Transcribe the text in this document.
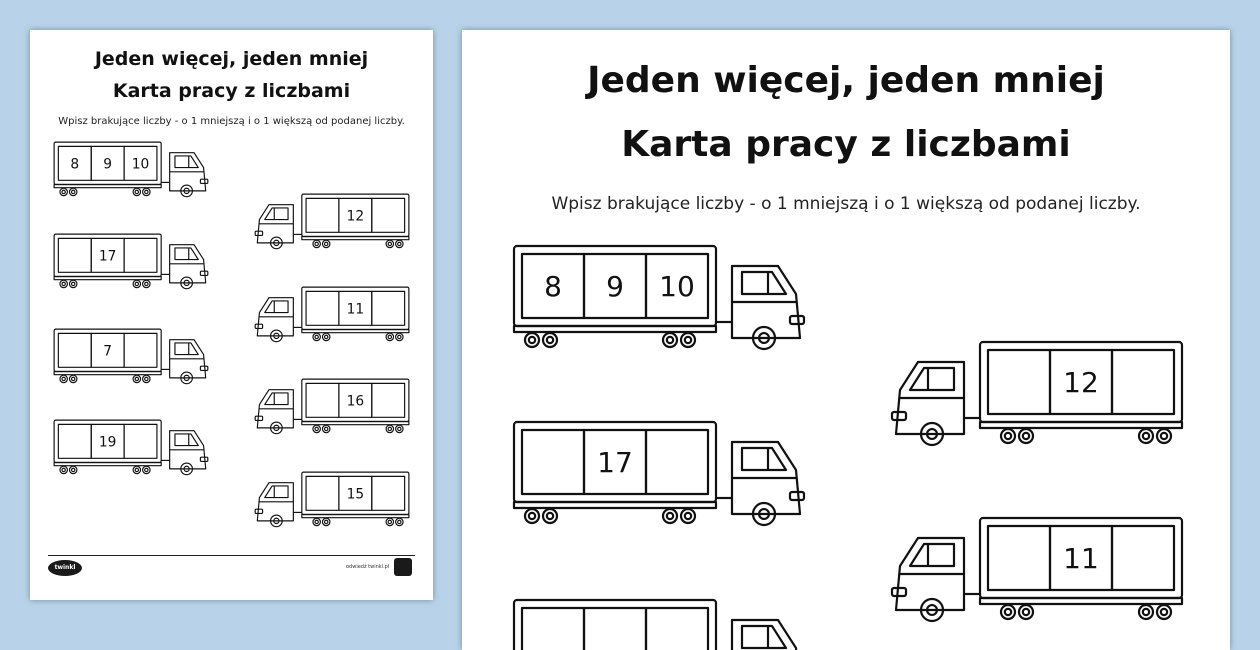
Jeden więcej, jeden mniej
Karta pracy z liczbami
Wpisz brakujące liczby - o 1 mniejszą i o 1 większą od podanej liczby.
8 9 10
12
17
11
7
16
19
15
twinkl	odwiedź twinkl.pl
Jeden więcej, jeden mniej
Karta pracy z liczbami
Wpisz brakujące liczby - o 1 mniejszą i o 1 większą od podanej liczby.
8 9 10
12
17
11
